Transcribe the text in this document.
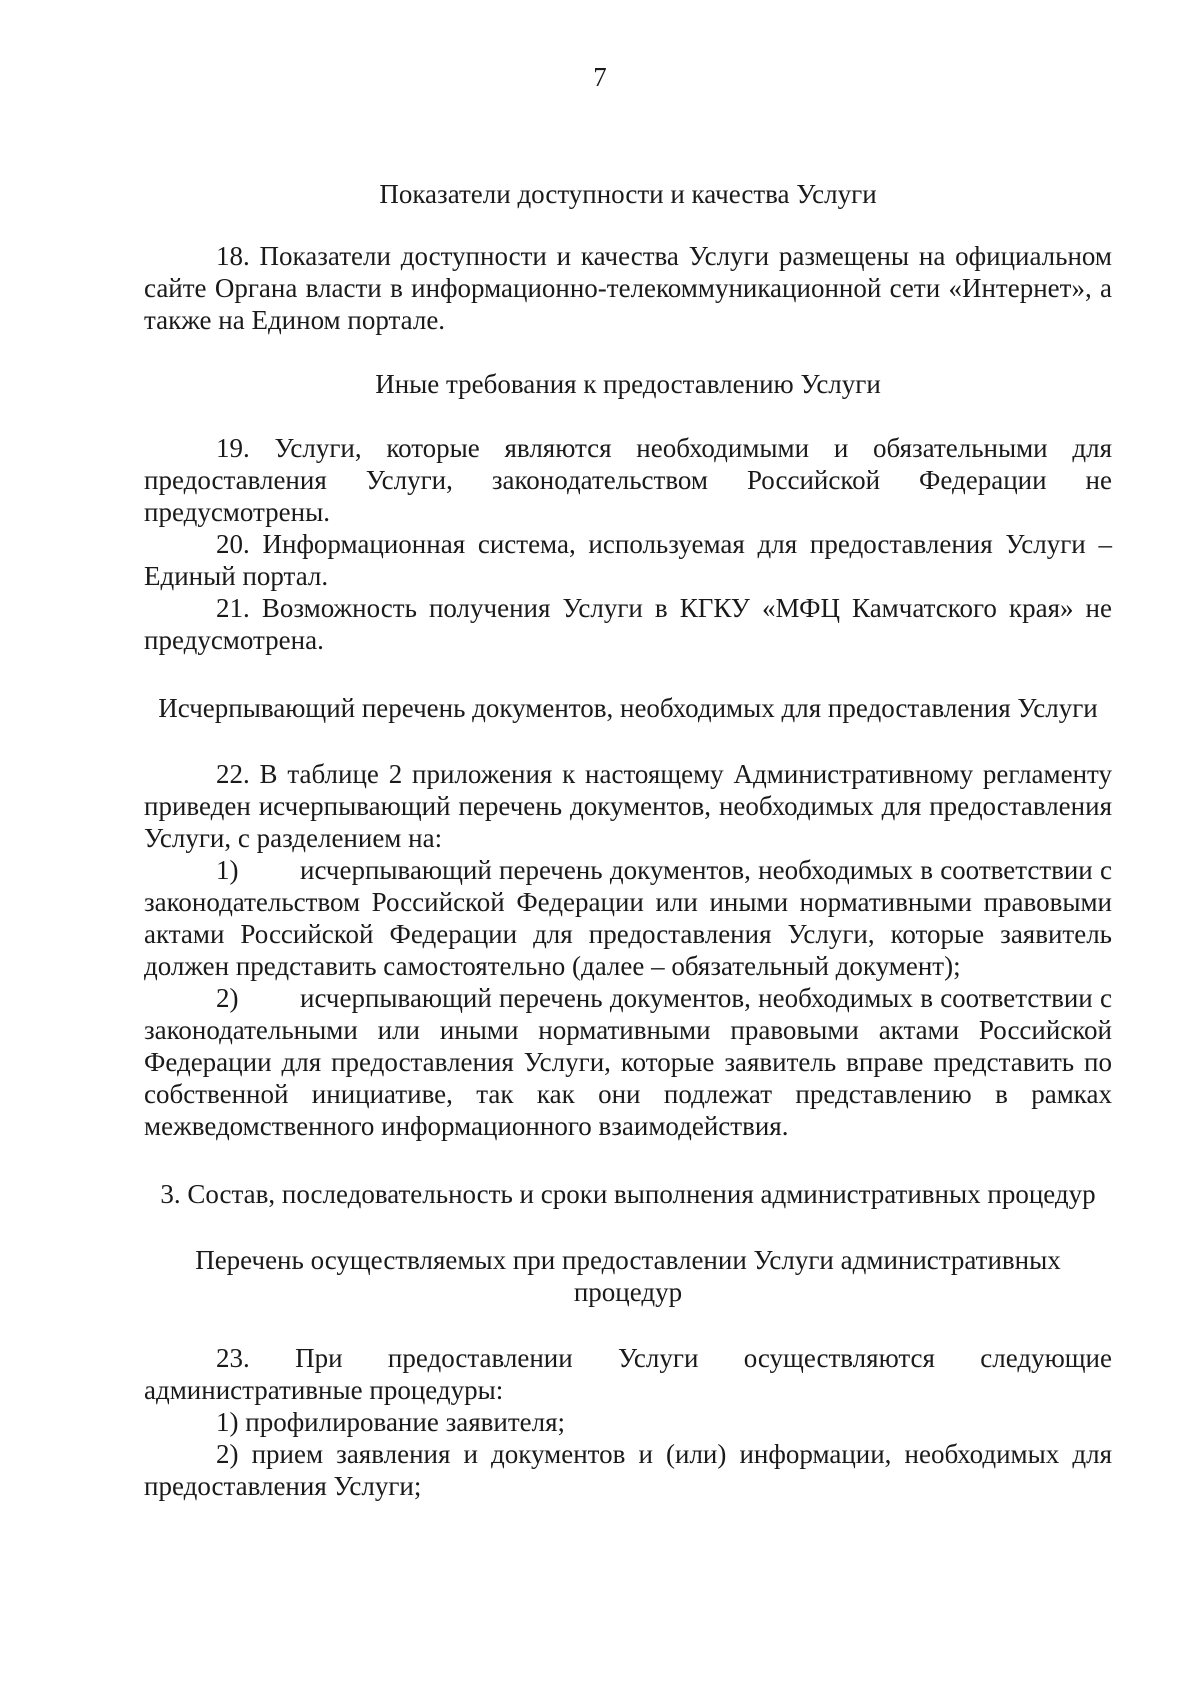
7

Показатели доступности и качества Услуги

18. Показатели доступности и качества Услуги размещены на официальном сайте Органа власти в информационно-телекоммуникационной сети «Интернет», а также на Едином портале.

Иные требования к предоставлению Услуги

19. Услуги, которые являются необходимыми и обязательными для предоставления Услуги, законодательством Российской Федерации не предусмотрены.

20. Информационная система, используемая для предоставления Услуги – Единый портал.

21. Возможность получения Услуги в КГКУ «МФЦ Камчатского края» не предусмотрена.

Исчерпывающий перечень документов, необходимых для предоставления Услуги

22. В таблице 2 приложения к настоящему Административному регламенту приведен исчерпывающий перечень документов, необходимых для предоставления Услуги, с разделением на:

1) исчерпывающий перечень документов, необходимых в соответствии с законодательством Российской Федерации или иными нормативными правовыми актами Российской Федерации для предоставления Услуги, которые заявитель должен представить самостоятельно (далее – обязательный документ);

2) исчерпывающий перечень документов, необходимых в соответствии с законодательными или иными нормативными правовыми актами Российской Федерации для предоставления Услуги, которые заявитель вправе представить по собственной инициативе, так как они подлежат представлению в рамках межведомственного информационного взаимодействия.

3. Состав, последовательность и сроки выполнения административных процедур

Перечень осуществляемых при предоставлении Услуги административных процедур

23. При предоставлении Услуги осуществляются следующие административные процедуры:

1) профилирование заявителя;

2) прием заявления и документов и (или) информации, необходимых для предоставления Услуги;
